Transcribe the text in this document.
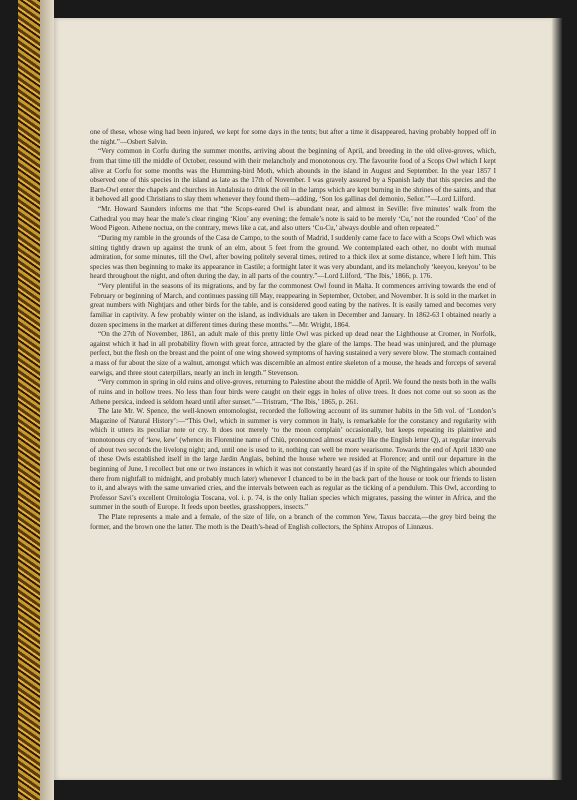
one of these, whose wing had been injured, we kept for some days in the tents; but after a time it disappeared, having probably hopped off in the night.”—Osbert Salvin.

“Very common in Corfu during the summer months, arriving about the beginning of April, and breeding in the old olive-groves, which, from that time till the middle of October, resound with their melancholy and monotonous cry. The favourite food of a Scops Owl which I kept alive at Corfu for some months was the Humming-bird Moth, which abounds in the island in August and September. In the year 1857 I observed one of this species in the island as late as the 17th of November. I was gravely assured by a Spanish lady that this species and the Barn-Owl enter the chapels and churches in Andalusia to drink the oil in the lamps which are kept burning in the shrines of the saints, and that it behoved all good Christians to slay them whenever they found them—adding, ‘Son los gallinas del demonio, Señor.’”—Lord Lilford.

“Mr. Howard Saunders informs me that “the Scops-eared Owl is abundant near, and almost in Seville: five minutes’ walk from the Cathedral you may hear the male’s clear ringing ‘Kiou’ any evening; the female’s note is said to be merely ‘Cu,’ not the rounded ‘Coo’ of the Wood Pigeon. Athene noctua, on the contrary, mews like a cat, and also utters ‘Cu-Cu,’ always double and often repeated.”

“During my ramble in the grounds of the Casa de Campo, to the south of Madrid, I suddenly came face to face with a Scops Owl which was sitting tightly drawn up against the trunk of an elm, about 5 feet from the ground. We contemplated each other, no doubt with mutual admiration, for some minutes, till the Owl, after bowing politely several times, retired to a thick ilex at some distance, where I left him. This species was then beginning to make its appearance in Castile; a fortnight later it was very abundant, and its melancholy ‘keeyou, keeyou’ to be heard throughout the night, and often during the day, in all parts of the country.”—Lord Lilford, ‘The Ibis,’ 1866, p. 176.

“Very plentiful in the seasons of its migrations, and by far the commonest Owl found in Malta. It commences arriving towards the end of February or beginning of March, and continues passing till May, reappearing in September, October, and November. It is sold in the market in great numbers with Nightjars and other birds for the table, and is considered good eating by the natives. It is easily tamed and becomes very familiar in captivity. A few probably winter on the island, as individuals are taken in December and January. In 1862-63 I obtained nearly a dozen specimens in the market at different times during these months.”—Mr. Wright, 1864.

“On the 27th of November, 1861, an adult male of this pretty little Owl was picked up dead near the Lighthouse at Cromer, in Norfolk, against which it had in all probability flown with great force, attracted by the glare of the lamps. The head was uninjured, and the plumage perfect, but the flesh on the breast and the point of one wing showed symptoms of having sustained a very severe blow. The stomach contained a mass of fur about the size of a walnut, amongst which was discernible an almost entire skeleton of a mouse, the heads and forceps of several earwigs, and three stout caterpillars, nearly an inch in length.” Stevenson.

“Very common in spring in old ruins and olive-groves, returning to Palestine about the middle of April. We found the nests both in the walls of ruins and in hollow trees. No less than four birds were caught on their eggs in holes of olive trees. It does not come out so soon as the Athene persica, indeed is seldom heard until after sunset.”—Tristram, ‘The Ibis,’ 1865, p. 261.

The late Mr. W. Spence, the well-known entomologist, recorded the following account of its summer habits in the 5th vol. of ‘London’s Magazine of Natural History’:—“This Owl, which in summer is very common in Italy, is remarkable for the constancy and regularity with which it utters its peculiar note or cry. It does not merely ‘to the moon complain’ occasionally, but keeps repeating its plaintive and monotonous cry of ‘kew, kew’ (whence its Florentine name of Chiù, pronounced almost exactly like the English letter Q), at regular intervals of about two seconds the livelong night; and, until one is used to it, nothing can well be more wearisome. Towards the end of April 1830 one of these Owls established itself in the large Jardin Anglais, behind the house where we resided at Florence; and until our departure in the beginning of June, I recollect but one or two instances in which it was not constantly heard (as if in spite of the Nightingales which abounded there from nightfall to midnight, and probably much later) whenever I chanced to be in the back part of the house or took our friends to listen to it, and always with the same unvaried cries, and the intervals between each as regular as the ticking of a pendulum. This Owl, according to Professor Savi’s excellent Ornitologia Toscana, vol. i. p. 74, is the only Italian species which migrates, passing the winter in Africa, and the summer in the south of Europe. It feeds upon beetles, grasshoppers, insects.”

The Plate represents a male and a female, of the size of life, on a branch of the common Yew, Taxus baccata,—the grey bird being the former, and the brown one the latter. The moth is the Death’s-head of English collectors, the Sphinx Atropos of Linnæus.
